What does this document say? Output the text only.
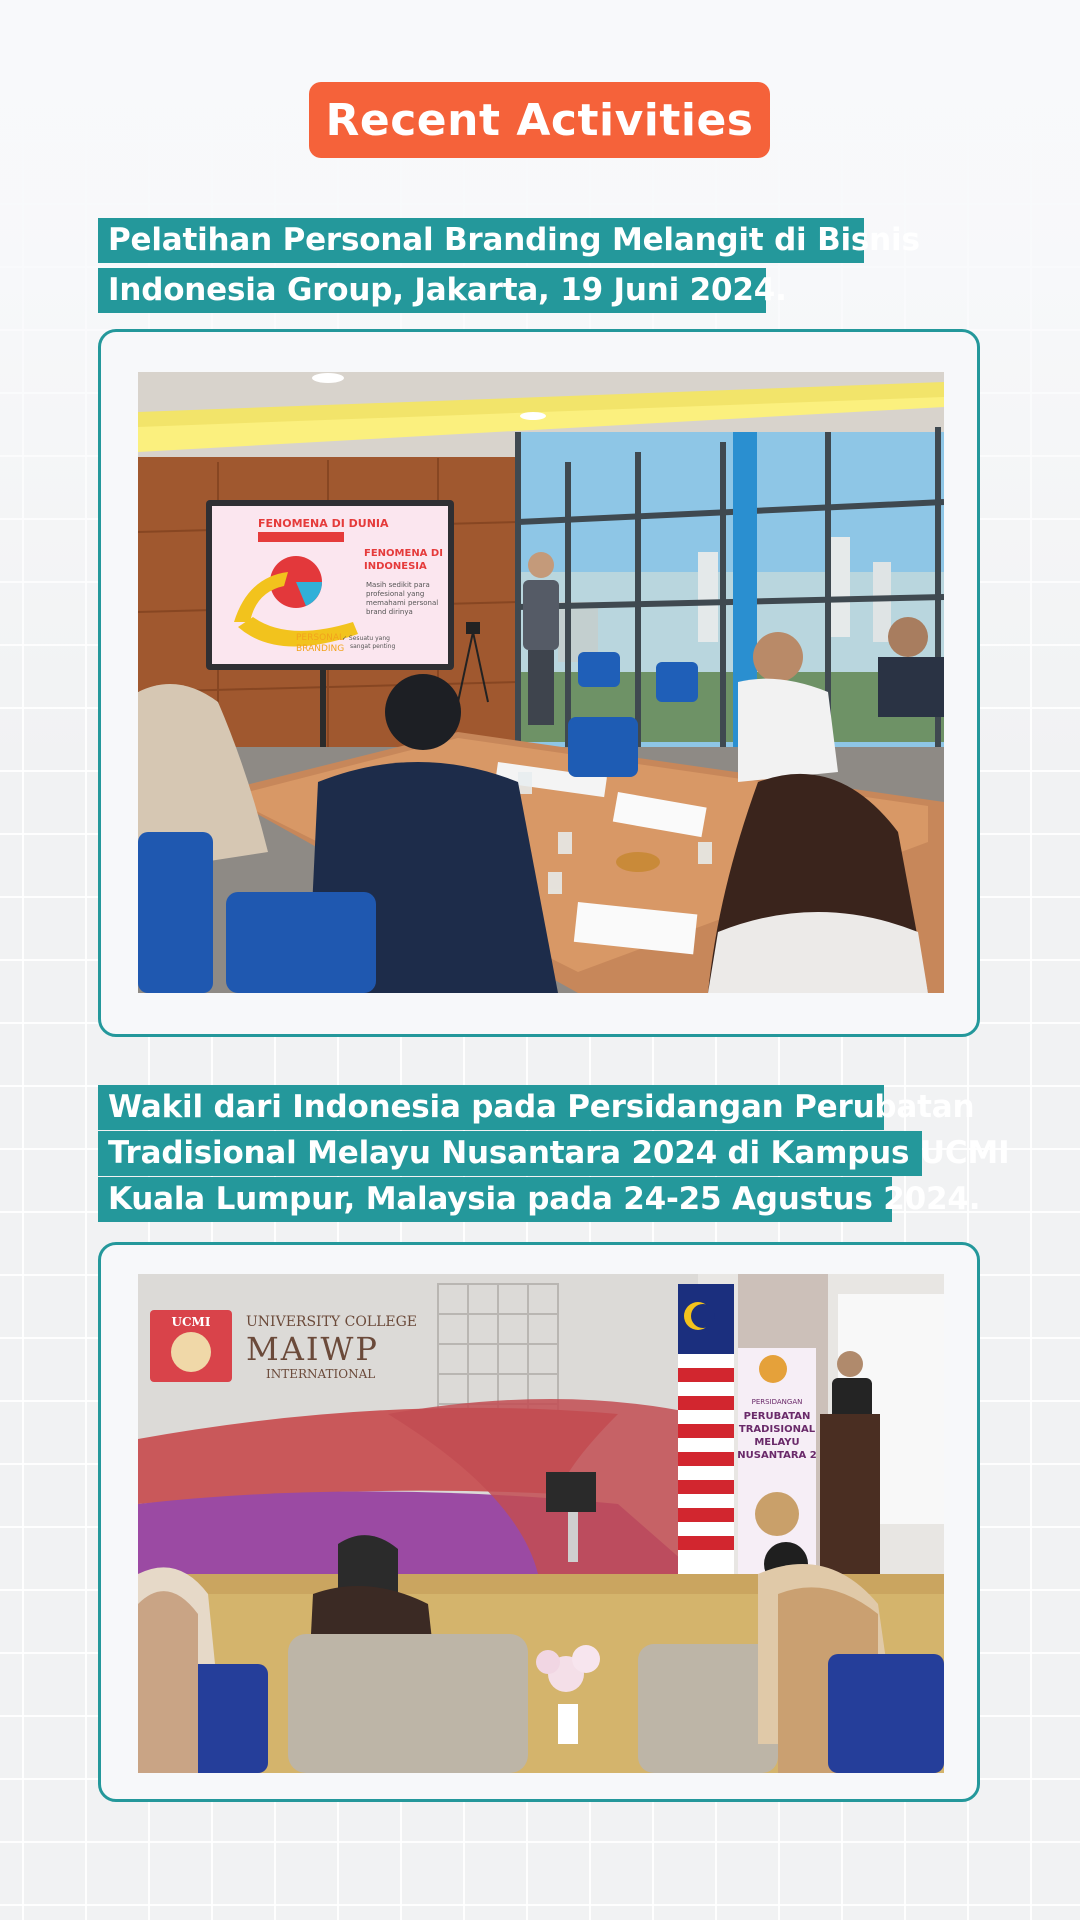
Recent Activities
Pelatihan Personal Branding Melangit di Bisnis
Indonesia Group, Jakarta, 19 Juni 2024.
FENOMENA DI DUNIA
FENOMENA DI
INDONESIA
Masih sedikit para
profesional yang
memahami personal
brand dirinya
PERSONAL
BRANDING
✓ Sesuatu yang
sangat penting
Wakil dari Indonesia pada Persidangan Perubatan
Tradisional Melayu Nusantara 2024 di Kampus UCMI
Kuala Lumpur, Malaysia pada 24-25 Agustus 2024.
UCMI	UNIVERSITY COLLEGE
MAIWP
INTERNATIONAL
PERSIDANGAN
PERUBATAN
TRADISIONAL
MELAYU
NUSANTARA 2
